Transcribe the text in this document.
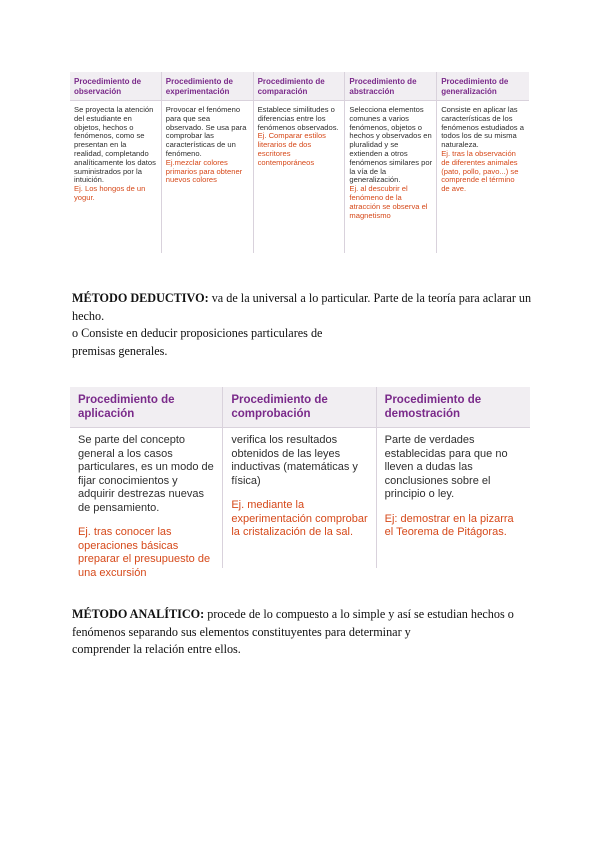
Procedimiento de observación
Procedimiento de experimentación
Procedimiento de comparación
Procedimiento de abstracción
Procedimiento de generalización
Se proyecta la atención del estudiante en objetos, hechos o fenómenos, como se presentan en la realidad, completando analíticamente los datos suministrados por la intuición.
Ej. Los hongos de un yogur.
Provocar el fenómeno para que sea observado. Se usa para comprobar las características de un fenómeno.
Ej.mezclar colores primarios para obtener nuevos colores
Establece similitudes o diferencias entre los fenómenos observados.
Ej. Comparar estilos literarios de dos escritores contemporáneos
Selecciona elementos comunes a varios fenómenos, objetos o hechos y observados en pluralidad y se extienden a otros fenómenos similares por la vía de la generalización.
Ej. al descubrir el fenómeno de la atracción se observa el magnetismo
Consiste en aplicar las características de los fenómenos estudiados a todos los de su misma naturaleza.
Ej. tras la observación de diferentes animales (pato, pollo, pavo...) se comprende el término de ave.
MÉTODO DEDUCTIVO: va de la universal a lo particular. Parte de la teoría para aclarar un hecho.
o Consiste en deducir proposiciones particulares de
premisas generales.
Procedimiento de aplicación
Procedimiento de comprobación
Procedimiento de demostración
Se parte del concepto general a los casos particulares, es un modo de fijar conocimientos y adquirir destrezas nuevas de pensamiento.
Ej. tras conocer las operaciones básicas preparar el presupuesto de una excursión
verifica los resultados obtenidos de las leyes inductivas (matemáticas y física)
Ej. mediante la experimentación comprobar la cristalización de la sal.
Parte de verdades establecidas para que no lleven a dudas las conclusiones sobre el principio o ley.
Ej: demostrar en la pizarra el Teorema de Pitágoras.
MÉTODO ANALÍTICO: procede de lo compuesto a lo simple y así se estudian hechos o fenómenos separando sus elementos constituyentes para determinar y
comprender la relación entre ellos.
